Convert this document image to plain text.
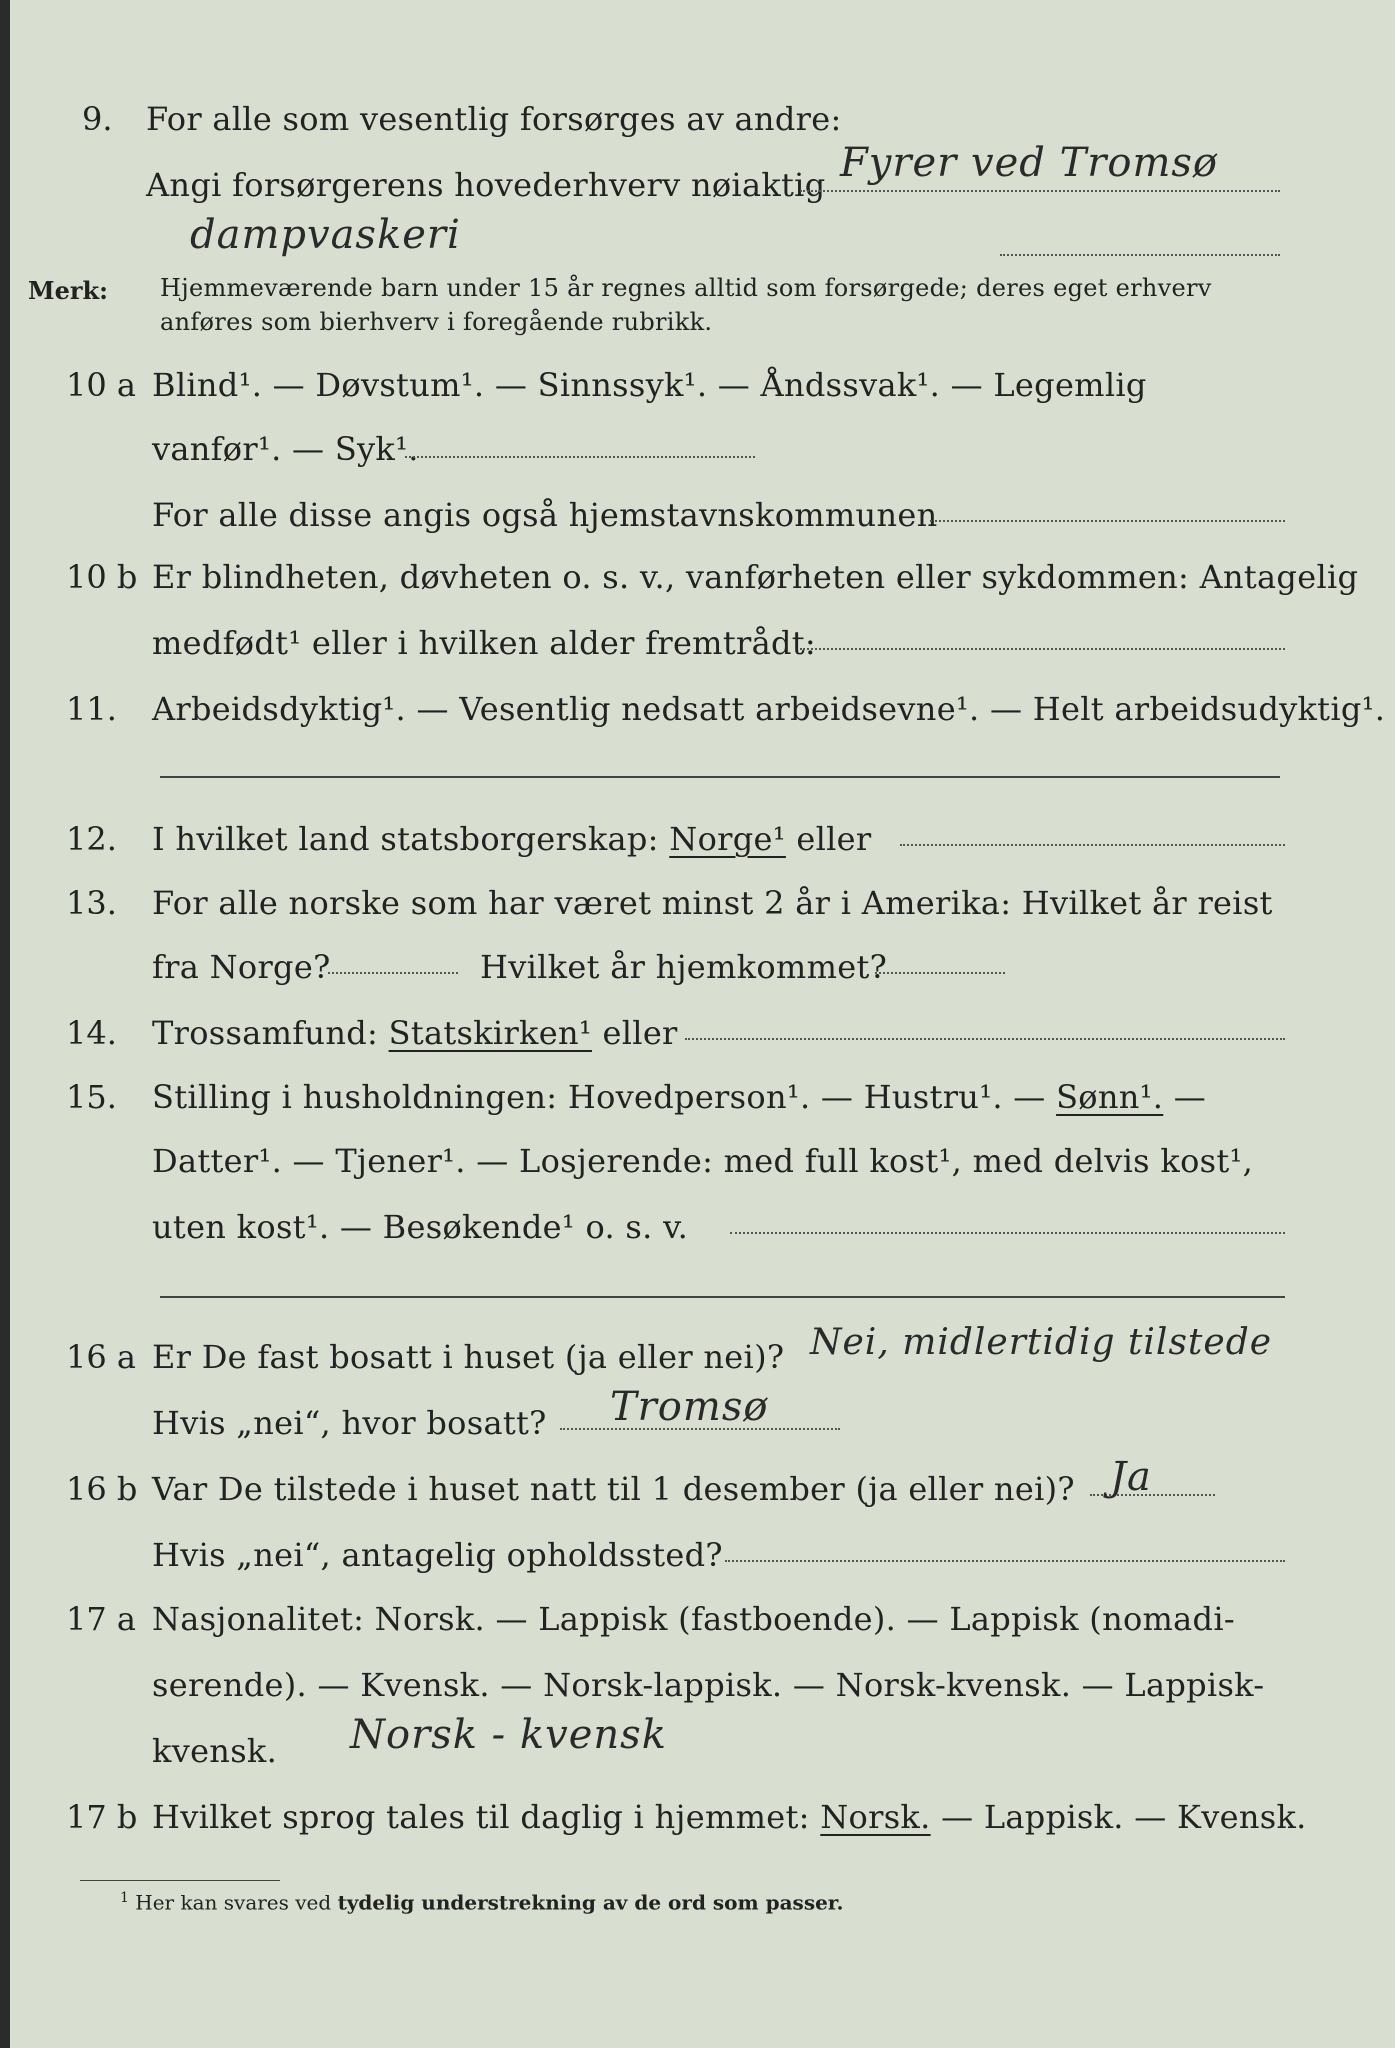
9. For alle som vesentlig forsørges av andre:
Angi forsørgerens hovederhverv nøiaktig Fyrer ved Tromsø
dampvaskeri
Merk: Hjemmeværende barn under 15 år regnes alltid som forsørgede; deres eget erhverv
anføres som bierhverv i foregående rubrikk.
10 a Blind¹. — Døvstum¹. — Sinnssyk¹. — Åndssvak¹. — Legemlig
vanfør¹. — Syk¹.
For alle disse angis også hjemstavnskommunen
10 b Er blindheten, døvheten o. s. v., vanførheten eller sykdommen: Antagelig
medfødt¹ eller i hvilken alder fremtrådt:
11. Arbeidsdyktig¹. — Vesentlig nedsatt arbeidsevne¹. — Helt arbeidsudyktig¹.
12. I hvilket land statsborgerskap: Norge¹ eller
13. For alle norske som har været minst 2 år i Amerika: Hvilket år reist
fra Norge?	Hvilket år hjemkommet?
14. Trossamfund: Statskirken¹ eller
15. Stilling i husholdningen: Hovedperson¹. — Hustru¹. — Sønn¹. —
Datter¹. — Tjener¹. — Losjerende: med full kost¹, med delvis kost¹,
uten kost¹. — Besøkende¹ o. s. v.
16 a Er De fast bosatt i huset (ja eller nei)? Nei, midlertidig tilstede
Hvis „nei“, hvor bosatt? Tromsø
16 b Var De tilstede i huset natt til 1 desember (ja eller nei)? Ja
Hvis „nei“, antagelig opholdssted?
17 a Nasjonalitet: Norsk. — Lappisk (fastboende). — Lappisk (nomadi-
serende). — Kvensk. — Norsk-lappisk. — Norsk-kvensk. — Lappisk-
kvensk. Norsk - kvensk
17 b Hvilket sprog tales til daglig i hjemmet: Norsk. — Lappisk. — Kvensk.
$^1$ Her kan svares ved tydelig understrekning av de ord som passer.
